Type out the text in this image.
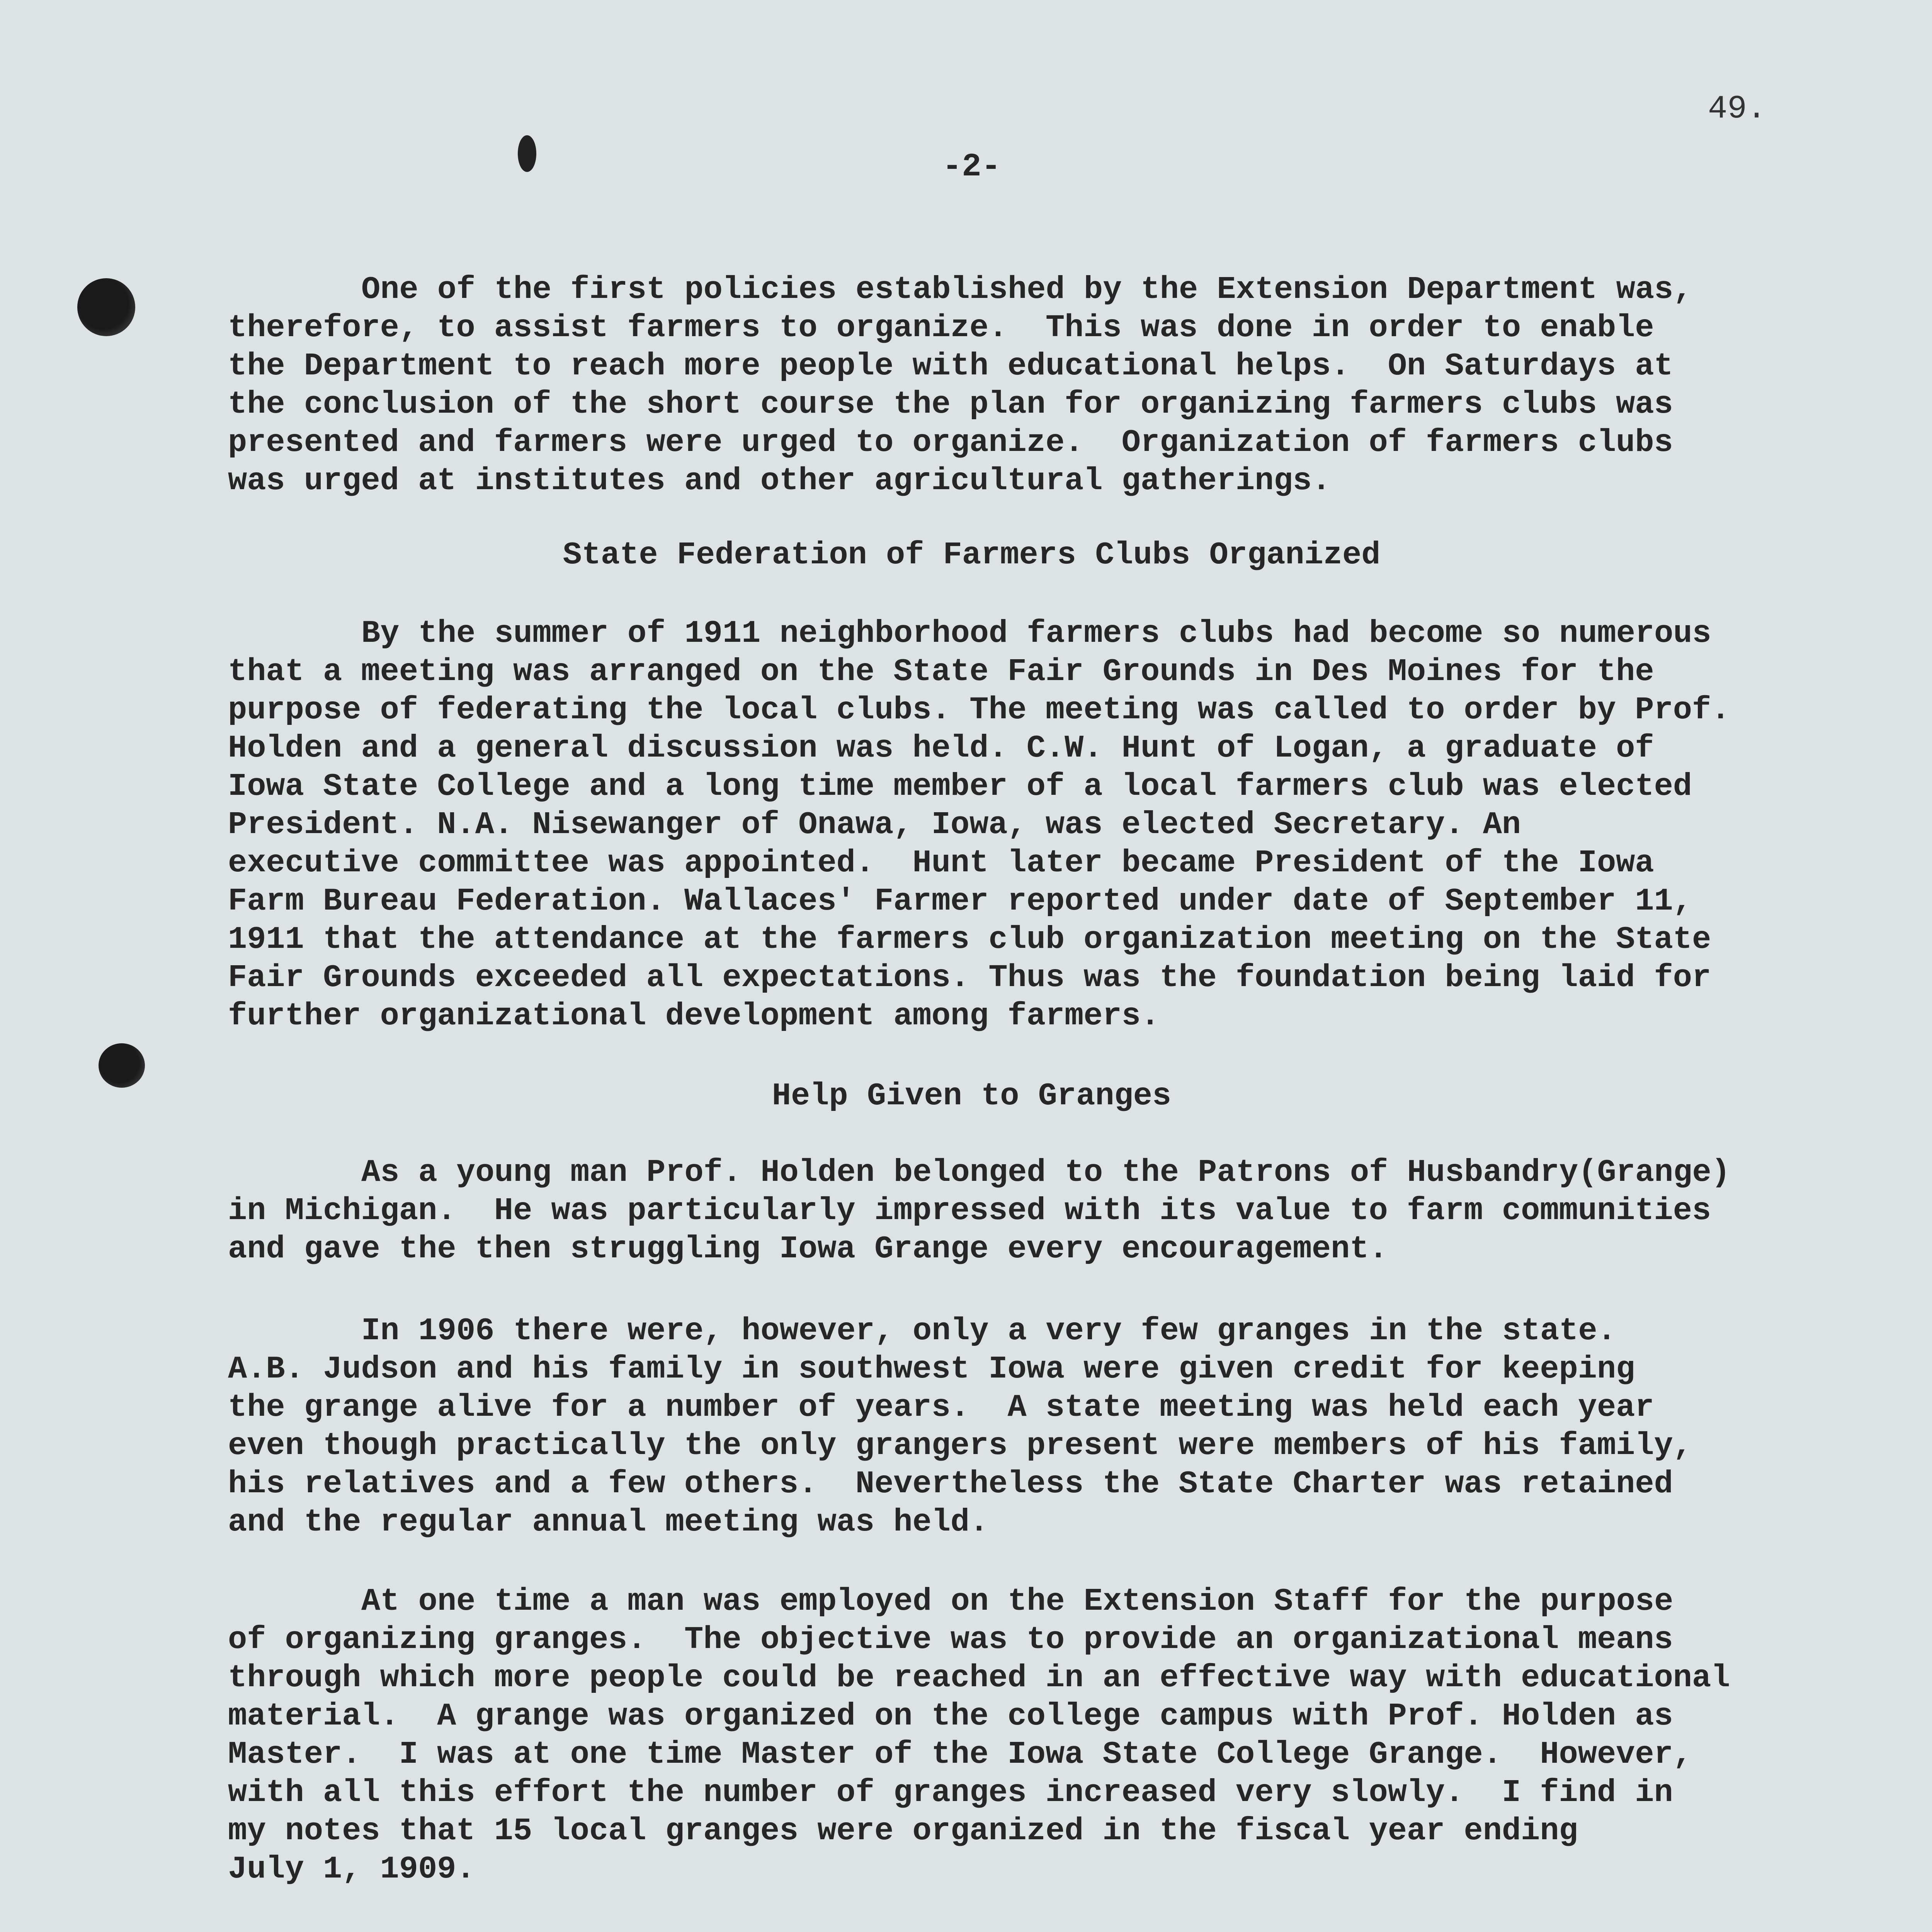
49.
-2-
One of the first policies established by the Extension Department was,
therefore, to assist farmers to organize.  This was done in order to enable
the Department to reach more people with educational helps.  On Saturdays at
the conclusion of the short course the plan for organizing farmers clubs was
presented and farmers were urged to organize.  Organization of farmers clubs
was urged at institutes and other agricultural gatherings.
State Federation of Farmers Clubs Organized
By the summer of 1911 neighborhood farmers clubs had become so numerous
that a meeting was arranged on the State Fair Grounds in Des Moines for the
purpose of federating the local clubs. The meeting was called to order by Prof.
Holden and a general discussion was held. C.W. Hunt of Logan, a graduate of
Iowa State College and a long time member of a local farmers club was elected
President. N.A. Nisewanger of Onawa, Iowa, was elected Secretary. An
executive committee was appointed.  Hunt later became President of the Iowa
Farm Bureau Federation. Wallaces' Farmer reported under date of September 11,
1911 that the attendance at the farmers club organization meeting on the State
Fair Grounds exceeded all expectations. Thus was the foundation being laid for
further organizational development among farmers.
Help Given to Granges
As a young man Prof. Holden belonged to the Patrons of Husbandry(Grange)
in Michigan.  He was particularly impressed with its value to farm communities
and gave the then struggling Iowa Grange every encouragement.
In 1906 there were, however, only a very few granges in the state.
A.B. Judson and his family in southwest Iowa were given credit for keeping
the grange alive for a number of years.  A state meeting was held each year
even though practically the only grangers present were members of his family,
his relatives and a few others.  Nevertheless the State Charter was retained
and the regular annual meeting was held.
At one time a man was employed on the Extension Staff for the purpose
of organizing granges.  The objective was to provide an organizational means
through which more people could be reached in an effective way with educational
material.  A grange was organized on the college campus with Prof. Holden as
Master.  I was at one time Master of the Iowa State College Grange.  However,
with all this effort the number of granges increased very slowly.  I find in
my notes that 15 local granges were organized in the fiscal year ending
July 1, 1909.
